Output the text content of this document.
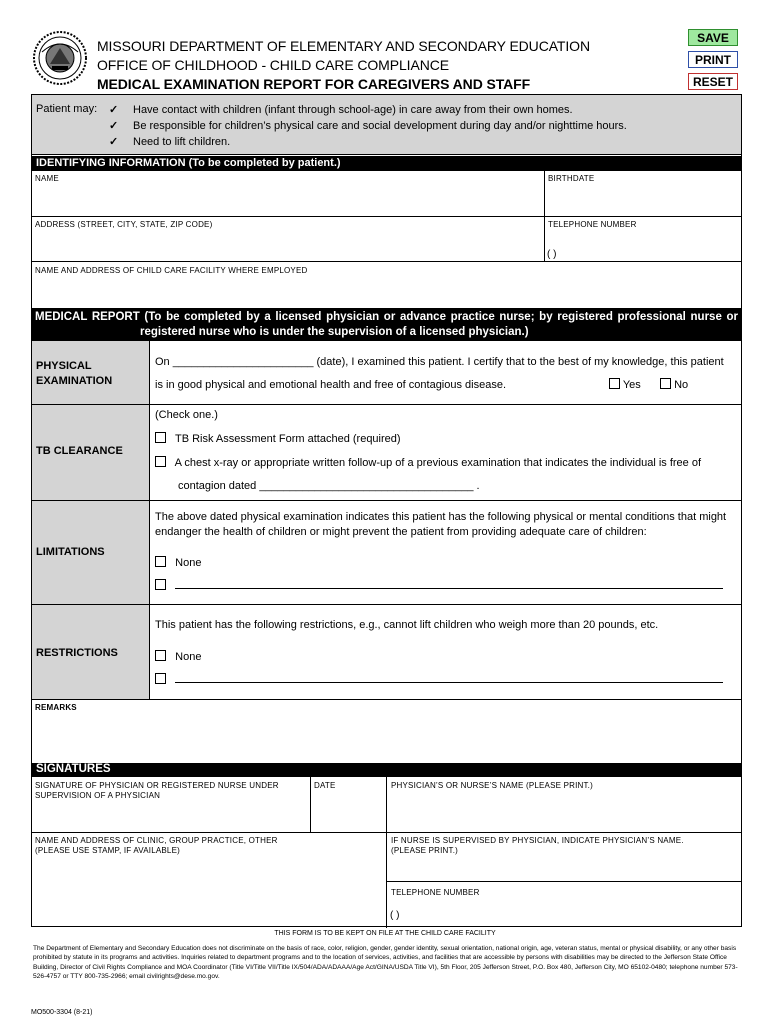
MISSOURI DEPARTMENT OF ELEMENTARY AND SECONDARY EDUCATION
OFFICE OF CHILDHOOD - CHILD CARE COMPLIANCE
MEDICAL EXAMINATION REPORT FOR CAREGIVERS AND STAFF
SAVE
PRINT
RESET
Patient may: ✓ Have contact with children (infant through school-age) in care away from their own homes.
✓ Be responsible for children’s physical care and social development during day and/or nighttime hours.
✓ Need to lift children.
IDENTIFYING INFORMATION (To be completed by patient.)
NAME	BIRTHDATE
ADDRESS (STREET, CITY, STATE, ZIP CODE)	TELEPHONE NUMBER
( )
NAME AND ADDRESS OF CHILD CARE FACILITY WHERE EMPLOYED
MEDICAL REPORT (To be completed by a licensed physician or advance practice nurse; by registered professional nurse or
registered nurse who is under the supervision of a licensed physician.)
PHYSICAL
EXAMINATION
On _______________________ (date), I examined this patient. I certify that to the best of my knowledge, this patient
is in good physical and emotional health and free of contagious disease.	Yes	No
TB CLEARANCE
(Check one.)
TB Risk Assessment Form attached (required)
A chest x-ray or appropriate written follow-up of a previous examination that indicates the individual is free of
contagion dated ___________________________________ .
LIMITATIONS
The above dated physical examination indicates this patient has the following physical or mental conditions that might
endanger the health of children or might prevent the patient from providing adequate care of children:
None

RESTRICTIONS
This patient has the following restrictions, e.g., cannot lift children who weigh more than 20 pounds, etc.
None

REMARKS
SIGNATURES
SIGNATURE OF PHYSICIAN OR REGISTERED NURSE UNDER
SUPERVISION OF A PHYSICIAN
DATE	PHYSICIAN’S OR NURSE’S NAME (PLEASE PRINT.)
NAME AND ADDRESS OF CLINIC, GROUP PRACTICE, OTHER
(PLEASE USE STAMP, IF AVAILABLE)
IF NURSE IS SUPERVISED BY PHYSICIAN, INDICATE PHYSICIAN’S NAME.
(PLEASE PRINT.)
TELEPHONE NUMBER
( )
THIS FORM IS TO BE KEPT ON FILE AT THE CHILD CARE FACILITY
The Department of Elementary and Secondary Education does not discriminate on the basis of race, color, religion, gender, gender identity, sexual orientation, national origin, age, veteran status, mental or physical disability, or any other basis prohibited by statute in its programs and activities. Inquiries related to department programs and to the location of services, activities, and facilities that are accessible by persons with disabilities may be directed to the Jefferson State Office Building, Director of Civil Rights Compliance and MOA Coordinator (Title VI/Title VII/Title IX/504/ADA/ADAAA/Age Act/GINA/USDA Title VI), 5th Floor, 205 Jefferson Street, P.O. Box 480, Jefferson City, MO 65102-0480; telephone number 573-526-4757 or TTY 800-735-2966; email civilrights@dese.mo.gov.
MO500-3304 (8-21)
